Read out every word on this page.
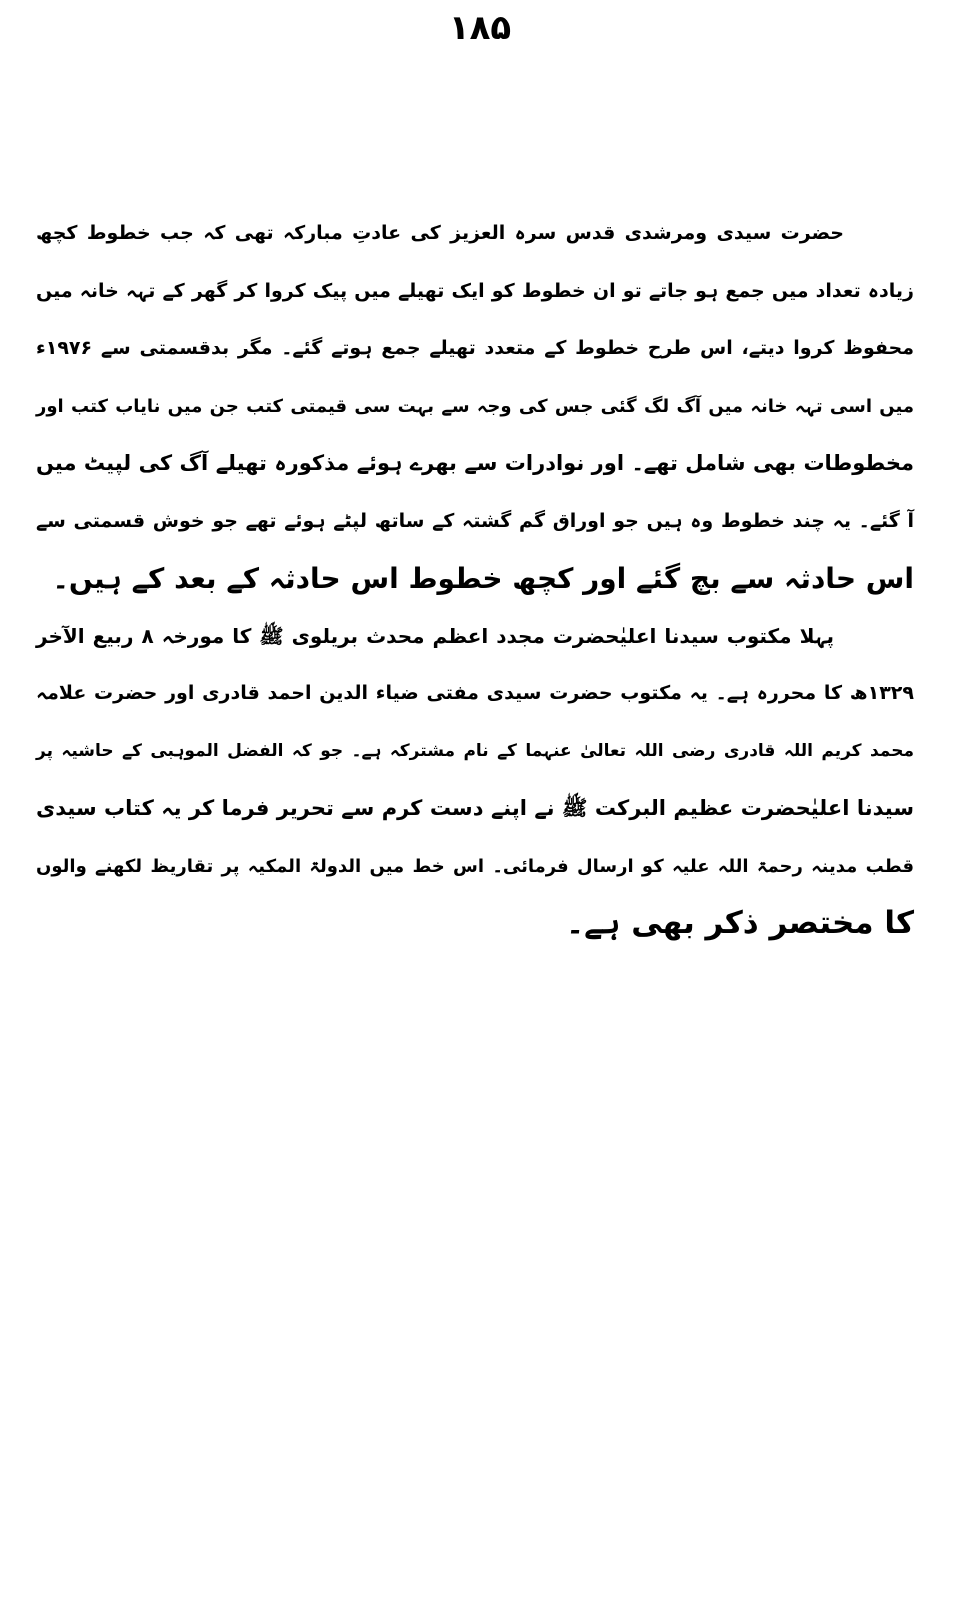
۱۸۵
حضرت سیدی ومرشدی قدس سرہ العزیز کی عادتِ مبارکہ تھی کہ جب خطوط کچھ
زیادہ تعداد میں جمع ہو جاتے تو ان خطوط کو ایک تھیلے میں پیک کروا کر گھر کے تہہ خانہ میں
محفوظ کروا دیتے، اس طرح خطوط کے متعدد تھیلے جمع ہوتے گئے۔ مگر بدقسمتی سے ۱۹۷۶ء
میں اسی تہہ خانہ میں آگ لگ گئی جس کی وجہ سے بہت سی قیمتی کتب جن میں نایاب کتب اور
مخطوطات بھی شامل تھے۔ اور نوادرات سے بھرے ہوئے مذکورہ تھیلے آگ کی لپیٹ میں
آ گئے۔ یہ چند خطوط وہ ہیں جو اوراق گم گشتہ کے ساتھ لپٹے ہوئے تھے جو خوش قسمتی سے
اس حادثہ سے بچ گئے اور کچھ خطوط اس حادثہ کے بعد کے ہیں۔
پہلا مکتوب سیدنا اعلیٰحضرت مجدد اعظم محدث بریلوی ﷺ کا مورخہ ۸ ربیع الآخر
۱۳۲۹ھ کا محررہ ہے۔ یہ مکتوب حضرت سیدی مفتی ضیاء الدین احمد قادری اور حضرت علامہ
محمد کریم اللہ قادری رضی اللہ تعالیٰ عنہما کے نام مشترکہ ہے۔ جو کہ الفضل الموہبی کے حاشیہ پر
سیدنا اعلیٰحضرت عظیم البرکت ﷺ نے اپنے دست کرم سے تحریر فرما کر یہ کتاب سیدی
قطب مدینہ رحمۃ اللہ علیہ کو ارسال فرمائی۔ اس خط میں الدولۃ المکیہ پر تقاریظ لکھنے والوں
کا مختصر ذکر بھی ہے۔
